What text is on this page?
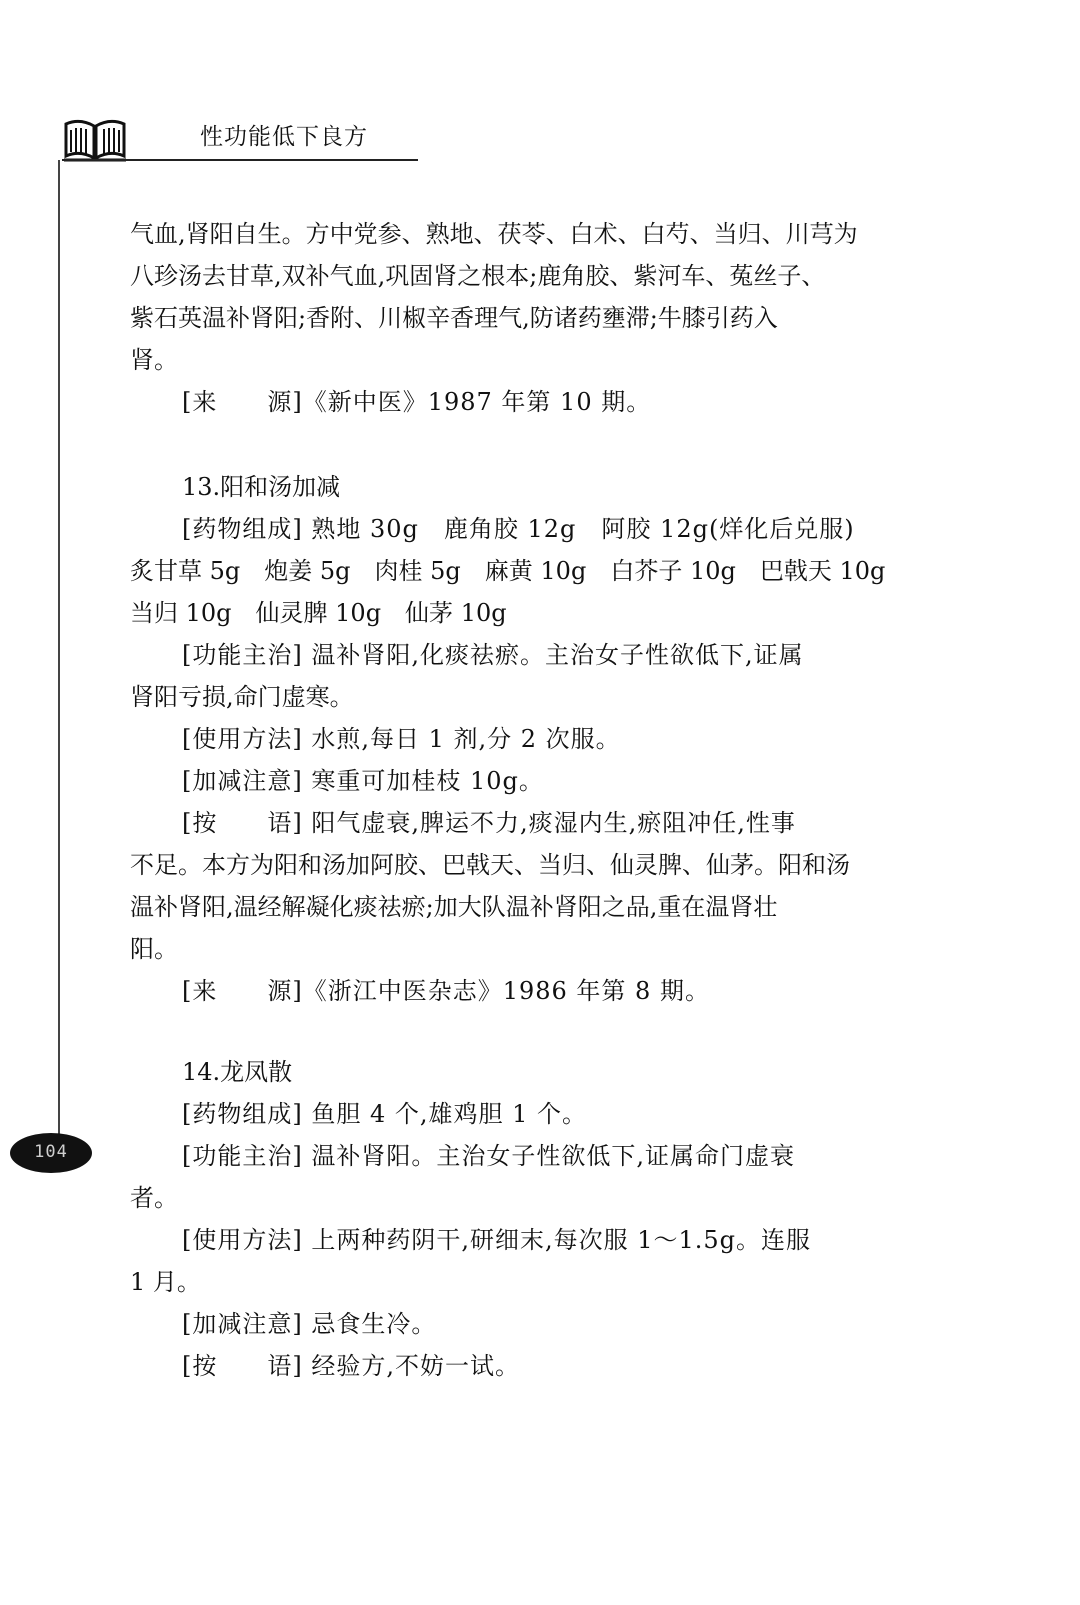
性功能低下良方
104
气血,肾阳自生。方中党参、熟地、茯苓、白术、白芍、当归、川芎为
八珍汤去甘草,双补气血,巩固肾之根本;鹿角胶、紫河车、菟丝子、
紫石英温补肾阳;香附、川椒辛香理气,防诸药壅滞;牛膝引药入
肾。
[来　　源]《新中医》1987 年第 10 期。
13.阳和汤加减
[药物组成] 熟地 30g　鹿角胶 12g　阿胶 12g(烊化后兑服)
炙甘草 5g　炮姜 5g　肉桂 5g　麻黄 10g　白芥子 10g　巴戟天 10g
当归 10g　仙灵脾 10g　仙茅 10g
[功能主治] 温补肾阳,化痰祛瘀。主治女子性欲低下,证属
肾阳亏损,命门虚寒。
[使用方法] 水煎,每日 1 剂,分 2 次服。
[加减注意] 寒重可加桂枝 10g。
[按　　语] 阳气虚衰,脾运不力,痰湿内生,瘀阻冲任,性事
不足。本方为阳和汤加阿胶、巴戟天、当归、仙灵脾、仙茅。阳和汤
温补肾阳,温经解凝化痰祛瘀;加大队温补肾阳之品,重在温肾壮
阳。
[来　　源]《浙江中医杂志》1986 年第 8 期。
14.龙凤散
[药物组成] 鱼胆 4 个,雄鸡胆 1 个。
[功能主治] 温补肾阳。主治女子性欲低下,证属命门虚衰
者。
[使用方法] 上两种药阴干,研细末,每次服 1～1.5g。连服
1 月。
[加减注意] 忌食生冷。
[按　　语] 经验方,不妨一试。
